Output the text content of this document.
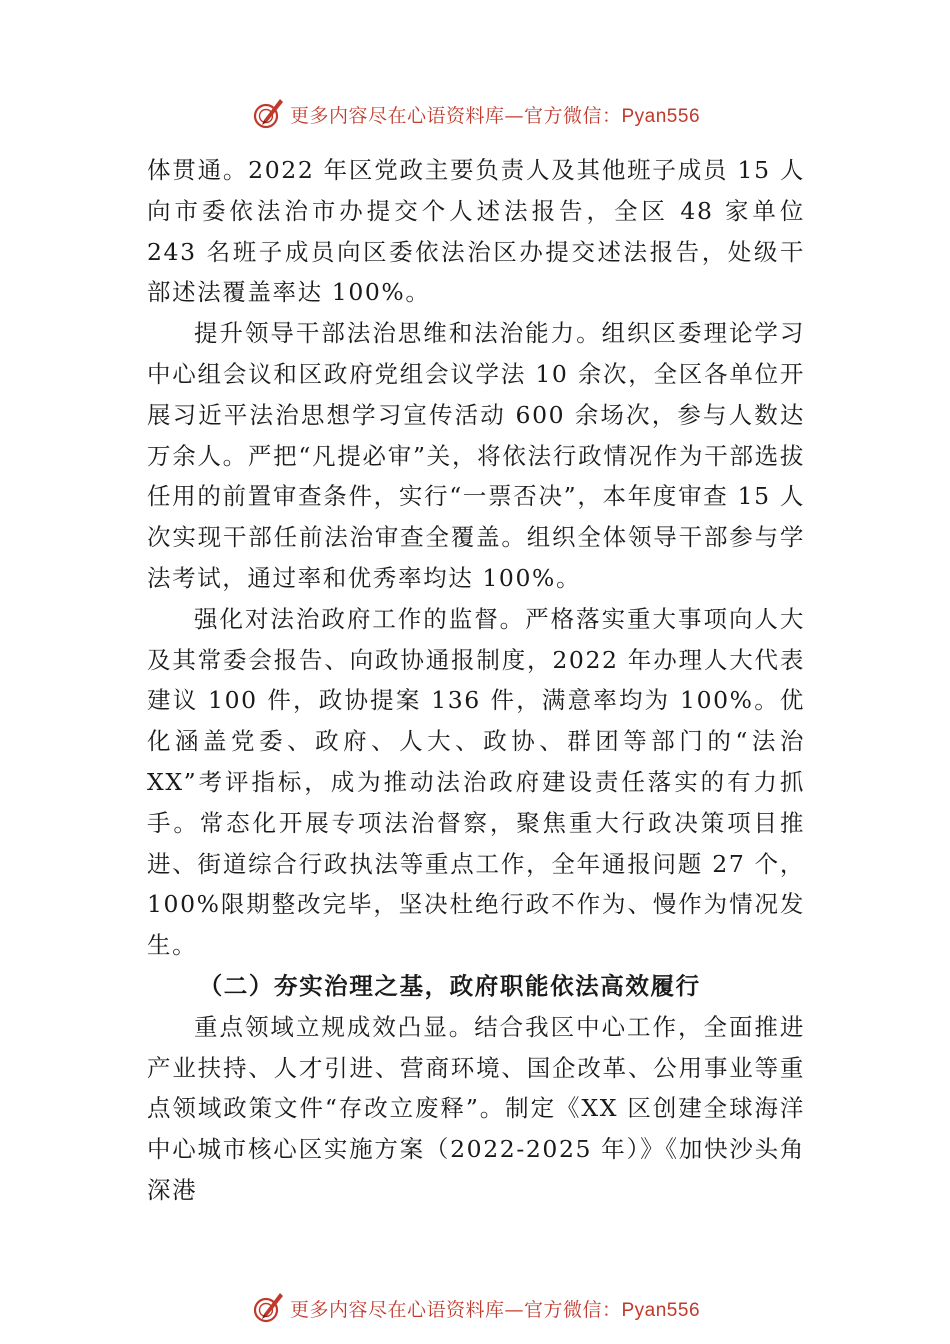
更多内容尽在心语资料库—官方微信：Pyan556

体贯通。2022 年区党政主要负责人及其他班子成员 15 人向市委依法治市办提交个人述法报告，全区 48 家单位 243 名班子成员向区委依法治区办提交述法报告，处级干部述法覆盖率达 100%。

提升领导干部法治思维和法治能力。组织区委理论学习中心组会议和区政府党组会议学法 10 余次，全区各单位开展习近平法治思想学习宣传活动 600 余场次，参与人数达万余人。严把“凡提必审”关，将依法行政情况作为干部选拔任用的前置审查条件，实行“一票否决”，本年度审查 15 人次实现干部任前法治审查全覆盖。组织全体领导干部参与学法考试，通过率和优秀率均达 100%。

强化对法治政府工作的监督。严格落实重大事项向人大及其常委会报告、向政协通报制度，2022 年办理人大代表建议 100 件，政协提案 136 件，满意率均为 100%。优化涵盖党委、政府、人大、政协、群团等部门的“法治 XX”考评指标，成为推动法治政府建设责任落实的有力抓手。常态化开展专项法治督察，聚焦重大行政决策项目推进、街道综合行政执法等重点工作，全年通报问题 27 个，100%限期整改完毕，坚决杜绝行政不作为、慢作为情况发生。

（二）夯实治理之基，政府职能依法高效履行

重点领域立规成效凸显。结合我区中心工作，全面推进产业扶持、人才引进、营商环境、国企改革、公用事业等重点领域政策文件“存改立废释”。制定《XX 区创建全球海洋中心城市核心区实施方案（2022-2025 年）》《加快沙头角深港

更多内容尽在心语资料库—官方微信：Pyan556
